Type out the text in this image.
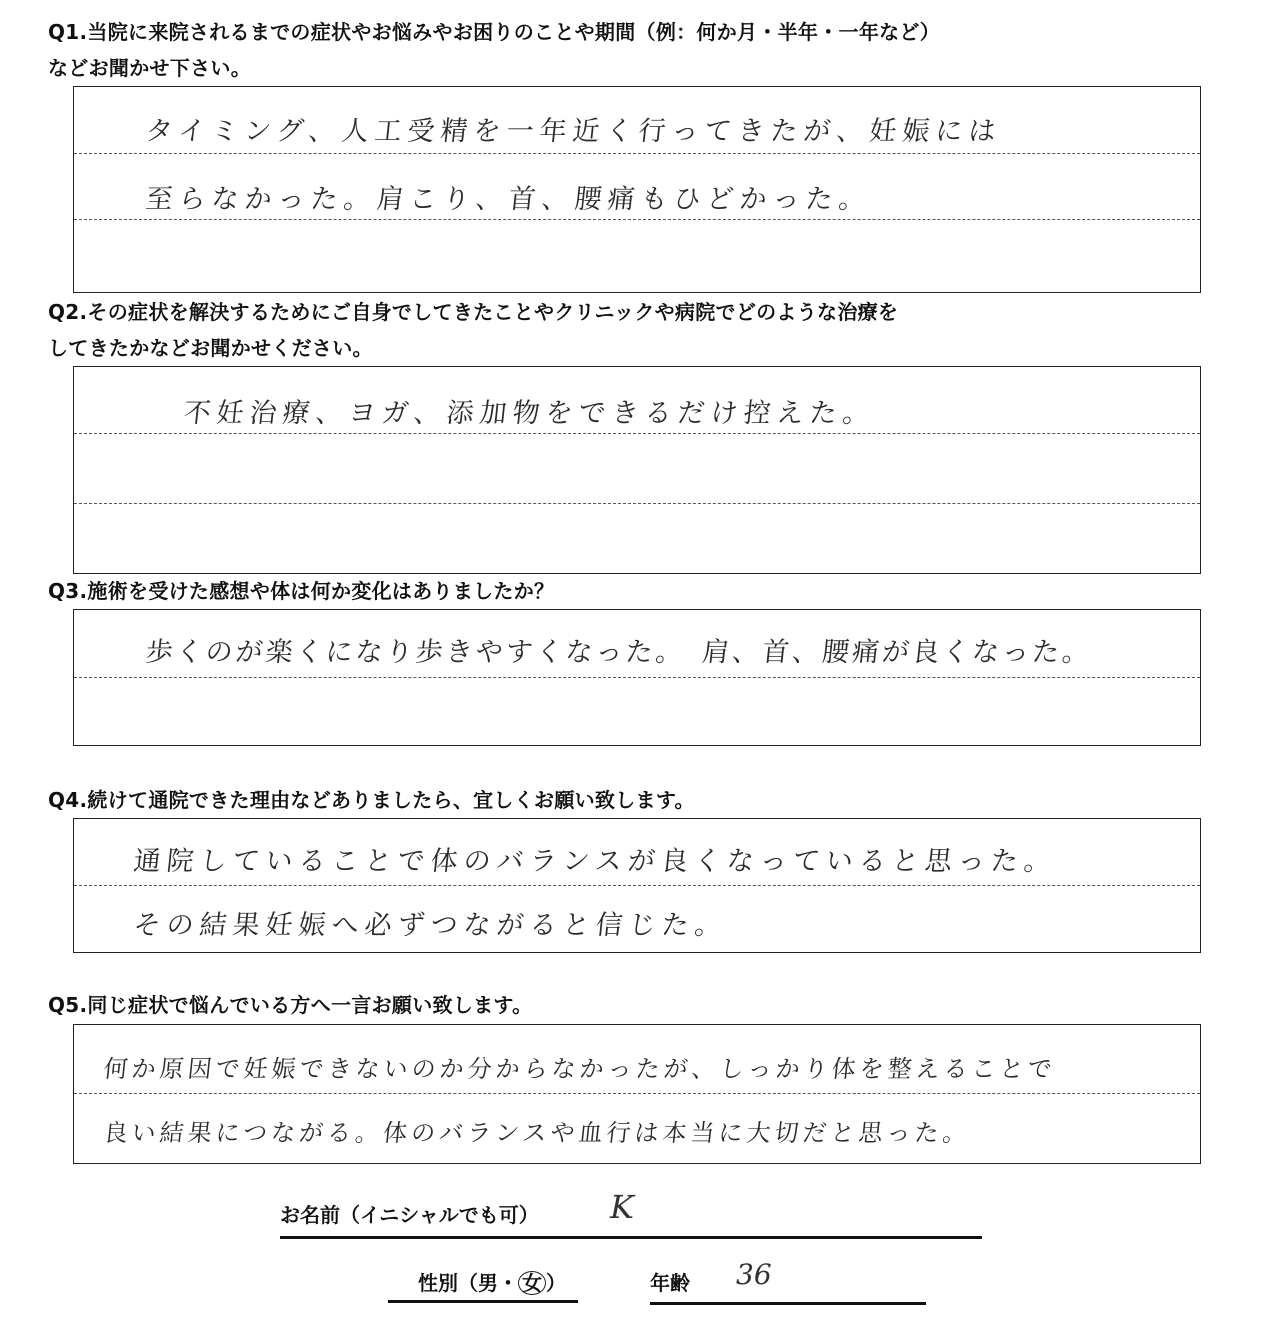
Q1.当院に来院されるまでの症状やお悩みやお困りのことや期間（例：何か月・半年・一年など）

などお聞かせ下さい。

タイミング、人工受精を一年近く行ってきたが、妊娠には
至らなかった。肩こり、首、腰痛もひどかった。

Q2.その症状を解決するためにご自身でしてきたことやクリニックや病院でどのような治療を

してきたかなどお聞かせください。

不妊治療、ヨガ、添加物をできるだけ控えた。

Q3.施術を受けた感想や体は何か変化はありましたか？

歩くのが楽くになり歩きやすくなった。　肩、首、腰痛が良くなった。

Q4.続けて通院できた理由などありましたら、宜しくお願い致します。

通院していることで体のバランスが良くなっていると思った。
その結果妊娠へ必ずつながると信じた。

Q5.同じ症状で悩んでいる方へ一言お願い致します。

何か原因で妊娠できないのか分からなかったが、しっかり体を整えることで
良い結果につながる。体のバランスや血行は本当に大切だと思った。
お名前（イニシャルでも可） K
性別（男・ 女 ）	年齢 36
